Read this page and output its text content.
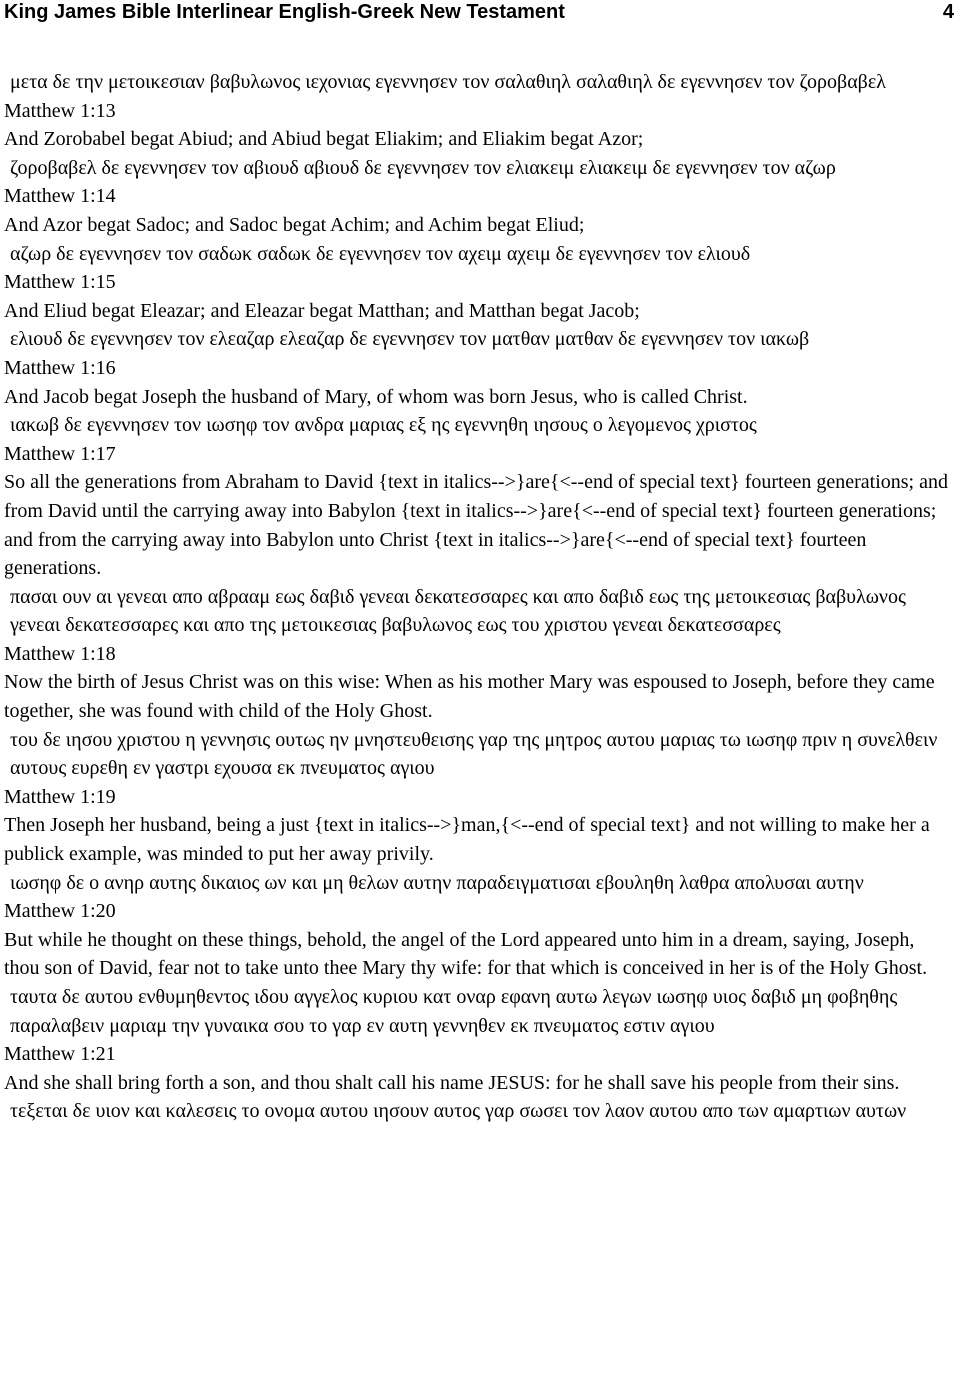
King James Bible Interlinear English-Greek New Testament	4

μετα δε την μετοικεσιαν βαβυλωνος ιεχονιας εγεννησεν τον σαλαθιηλ σαλαθιηλ δε εγεννησεν τον ζοροβαβελ

Matthew 1:13

And Zorobabel begat Abiud; and Abiud begat Eliakim; and Eliakim begat Azor;

ζοροβαβελ δε εγεννησεν τον αβιουδ αβιουδ δε εγεννησεν τον ελιακειμ ελιακειμ δε εγεννησεν τον αζωρ

Matthew 1:14

And Azor begat Sadoc; and Sadoc begat Achim; and Achim begat Eliud;

αζωρ δε εγεννησεν τον σαδωκ σαδωκ δε εγεννησεν τον αχειμ αχειμ δε εγεννησεν τον ελιουδ

Matthew 1:15

And Eliud begat Eleazar; and Eleazar begat Matthan; and Matthan begat Jacob;

ελιουδ δε εγεννησεν τον ελεαζαρ ελεαζαρ δε εγεννησεν τον ματθαν ματθαν δε εγεννησεν τον ιακωβ

Matthew 1:16

And Jacob begat Joseph the husband of Mary, of whom was born Jesus, who is called Christ.

ιακωβ δε εγεννησεν τον ιωσηφ τον ανδρα μαριας εξ ης εγεννηθη ιησους ο λεγομενος χριστος

Matthew 1:17

So all the generations from Abraham to David {text in italics-->}are{<--end of special text} fourteen generations; and from David until the carrying away into Babylon {text in italics-->}are{<--end of special text} fourteen generations; and from the carrying away into Babylon unto Christ {text in italics-->}are{<--end of special text} fourteen generations.

πασαι ουν αι γενεαι απο αβρααμ εως δαβιδ γενεαι δεκατεσσαρες και απο δαβιδ εως της μετοικεσιας βαβυλωνος γενεαι δεκατεσσαρες και απο της μετοικεσιας βαβυλωνος εως του χριστου γενεαι δεκατεσσαρες

Matthew 1:18

Now the birth of Jesus Christ was on this wise: When as his mother Mary was espoused to Joseph, before they came together, she was found with child of the Holy Ghost.

του δε ιησου χριστου η γεννησις ουτως ην μνηστευθεισης γαρ της μητρος αυτου μαριας τω ιωσηφ πριν η συνελθειν αυτους ευρεθη εν γαστρι εχουσα εκ πνευματος αγιου

Matthew 1:19

Then Joseph her husband, being a just {text in italics-->}man,{<--end of special text} and not willing to make her a publick example, was minded to put her away privily.

ιωσηφ δε ο ανηρ αυτης δικαιος ων και μη θελων αυτην παραδειγματισαι εβουληθη λαθρα απολυσαι αυτην

Matthew 1:20

But while he thought on these things, behold, the angel of the Lord appeared unto him in a dream, saying, Joseph, thou son of David, fear not to take unto thee Mary thy wife: for that which is conceived in her is of the Holy Ghost.

ταυτα δε αυτου ενθυμηθεντος ιδου αγγελος κυριου κατ οναρ εφανη αυτω λεγων ιωσηφ υιος δαβιδ μη φοβηθης παραλαβειν μαριαμ την γυναικα σου το γαρ εν αυτη γεννηθεν εκ πνευματος εστιν αγιου

Matthew 1:21

And she shall bring forth a son, and thou shalt call his name JESUS: for he shall save his people from their sins.

τεξεται δε υιον και καλεσεις το ονομα αυτου ιησουν αυτος γαρ σωσει τον λαον αυτου απο των αμαρτιων αυτων
